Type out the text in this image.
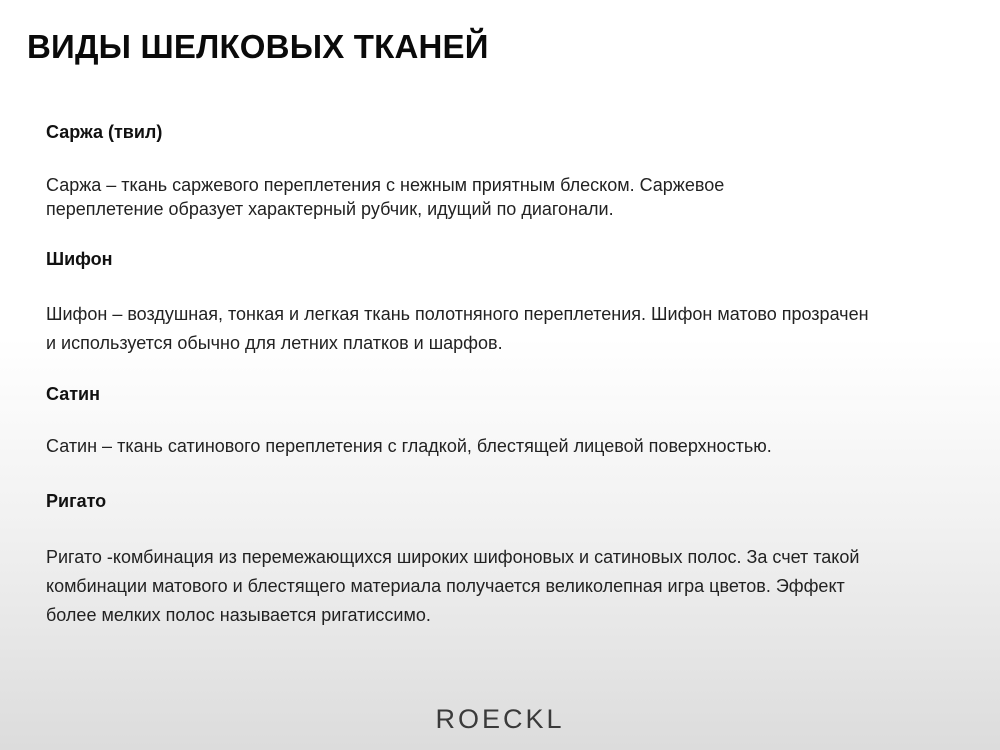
ВИДЫ ШЕЛКОВЫХ ТКАНЕЙ
Саржа (твил)

Саржа – ткань саржевого переплетения с нежным приятным блеском. Саржевое
переплетение образует характерный рубчик, идущий по диагонали.

Шифон

Шифон – воздушная, тонкая и легкая ткань полотняного переплетения. Шифон матово прозрачен
и используется обычно для летних платков и шарфов.

Сатин

Сатин – ткань сатинового переплетения с гладкой, блестящей лицевой поверхностью.

Ригато

Ригато -комбинация из перемежающихся широких шифоновых и сатиновых полос. За счет такой
комбинации матового и блестящего материала получается великолепная игра цветов. Эффект
более мелких полос называется ригатиссимо.

ROECKL
